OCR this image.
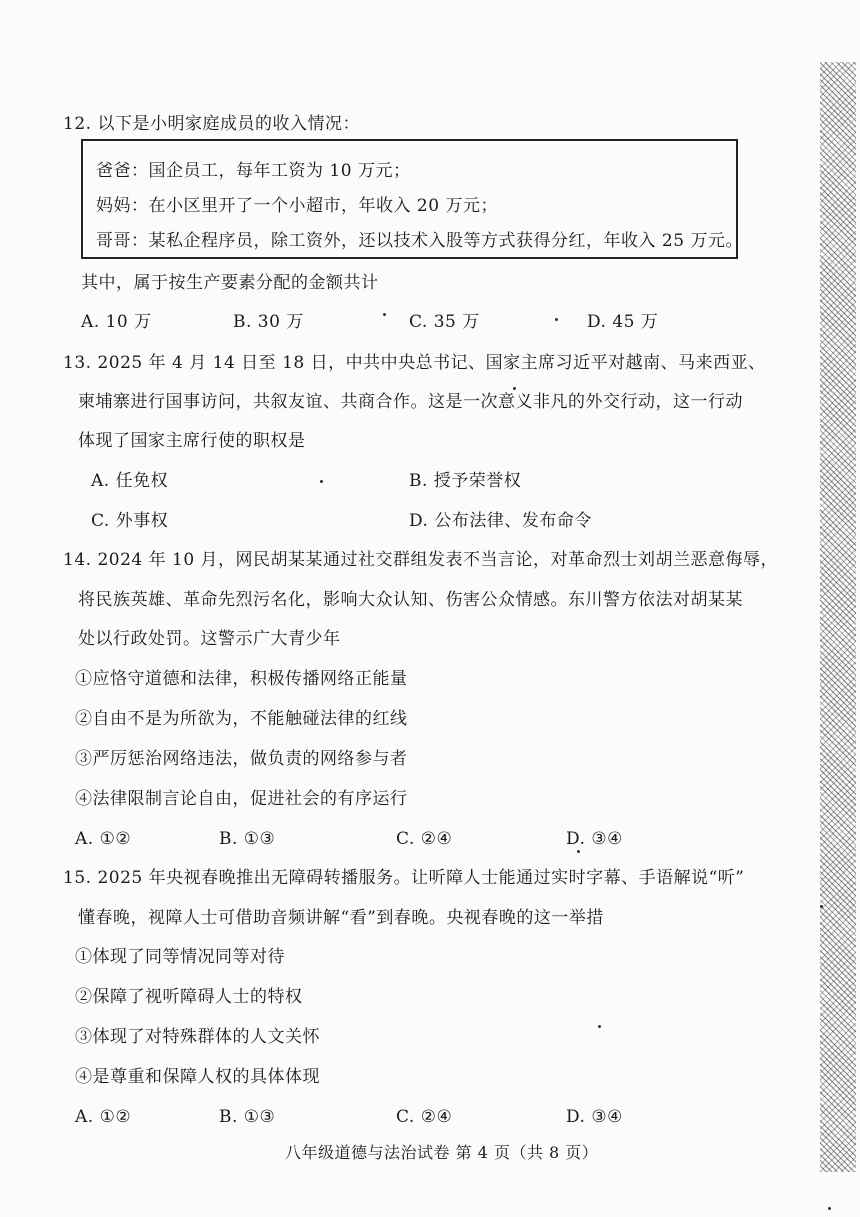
12. 以下是小明家庭成员的收入情况：
爸爸：国企员工，每年工资为 10 万元；
妈妈：在小区里开了一个小超市，年收入 20 万元；
哥哥：某私企程序员，除工资外，还以技术入股等方式获得分红，年收入 25 万元。
其中，属于按生产要素分配的金额共计
A. 10 万	B. 30 万	C. 35 万	D. 45 万
13. 2025 年 4 月 14 日至 18 日，中共中央总书记、国家主席习近平对越南、马来西亚、
柬埔寨进行国事访问，共叙友谊、共商合作。这是一次意义非凡的外交行动，这一行动
体现了国家主席行使的职权是
A. 任免权	B. 授予荣誉权
C. 外事权	D. 公布法律、发布命令
14. 2024 年 10 月，网民胡某某通过社交群组发表不当言论，对革命烈士刘胡兰恶意侮辱，
将民族英雄、革命先烈污名化，影响大众认知、伤害公众情感。东川警方依法对胡某某
处以行政处罚。这警示广大青少年
①应恪守道德和法律，积极传播网络正能量
②自由不是为所欲为，不能触碰法律的红线
③严厉惩治网络违法，做负责的网络参与者
④法律限制言论自由，促进社会的有序运行
A. ①②	B. ①③	C. ②④	D. ③④
15. 2025 年央视春晚推出无障碍转播服务。让听障人士能通过实时字幕、手语解说“听”
懂春晚，视障人士可借助音频讲解“看”到春晚。央视春晚的这一举措
①体现了同等情况同等对待
②保障了视听障碍人士的特权
③体现了对特殊群体的人文关怀
④是尊重和保障人权的具体体现
A. ①②	B. ①③	C. ②④	D. ③④
八年级道德与法治试卷 第 4 页（共 8 页）
